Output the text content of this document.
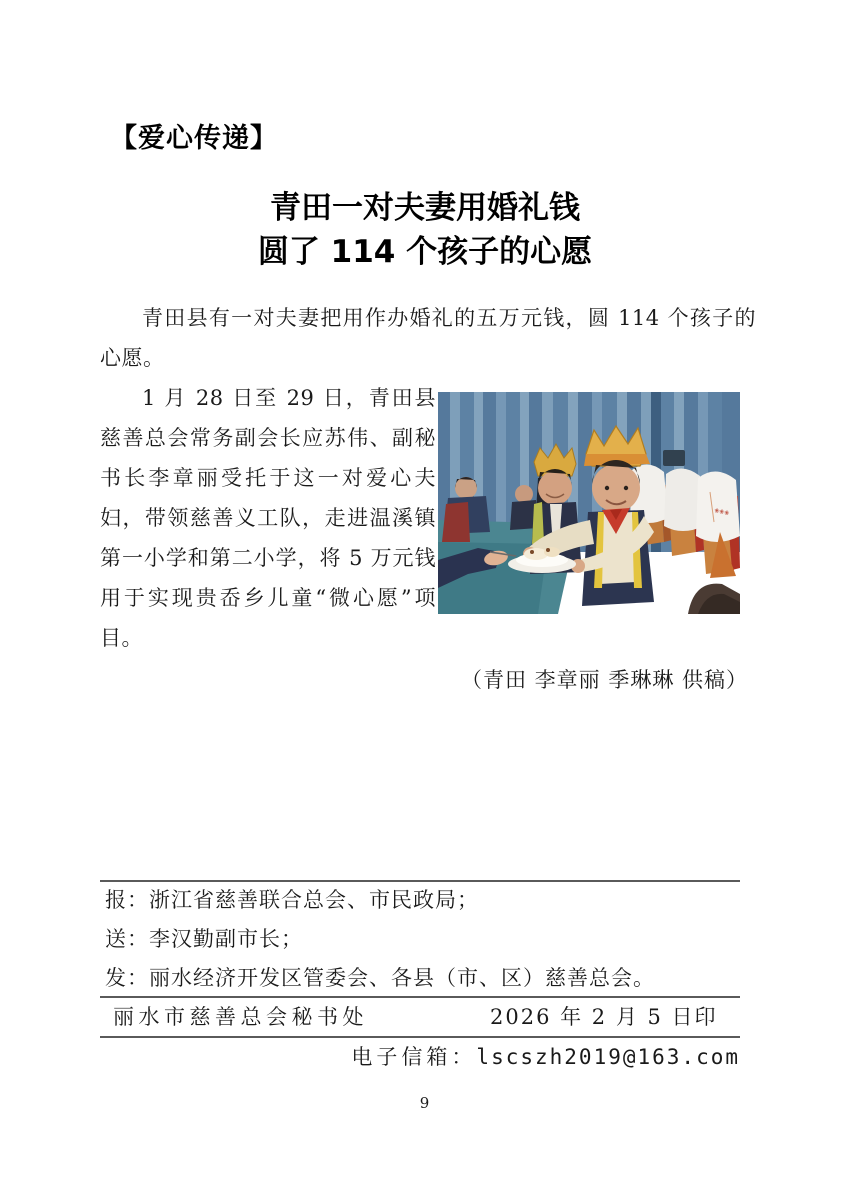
【爱心传递】
青田一对夫妻用婚礼钱
圆了 114 个孩子的心愿

青田县有一对夫妻把用作办婚礼的五万元钱，圆 114 个孩子的心愿。

1 月 28 日至 29 日，青田县慈善总会常务副会长应苏伟、副秘书长李章丽受托于这一对爱心夫妇，带领慈善义工队，走进温溪镇第一小学和第二小学，将 5 万元钱用于实现贵岙乡儿童“微心愿”项目。

❀❀❀
（青田 李章丽 季琳琳 供稿）
报：浙江省慈善联合总会、市民政局；
送：李汉勤副市长；
发：丽水经济开发区管委会、各县（市、区）慈善总会。
丽水市慈善总会秘书处	2026 年 2 月 5 日印
电子信箱：lscszh2019@163.com
9
